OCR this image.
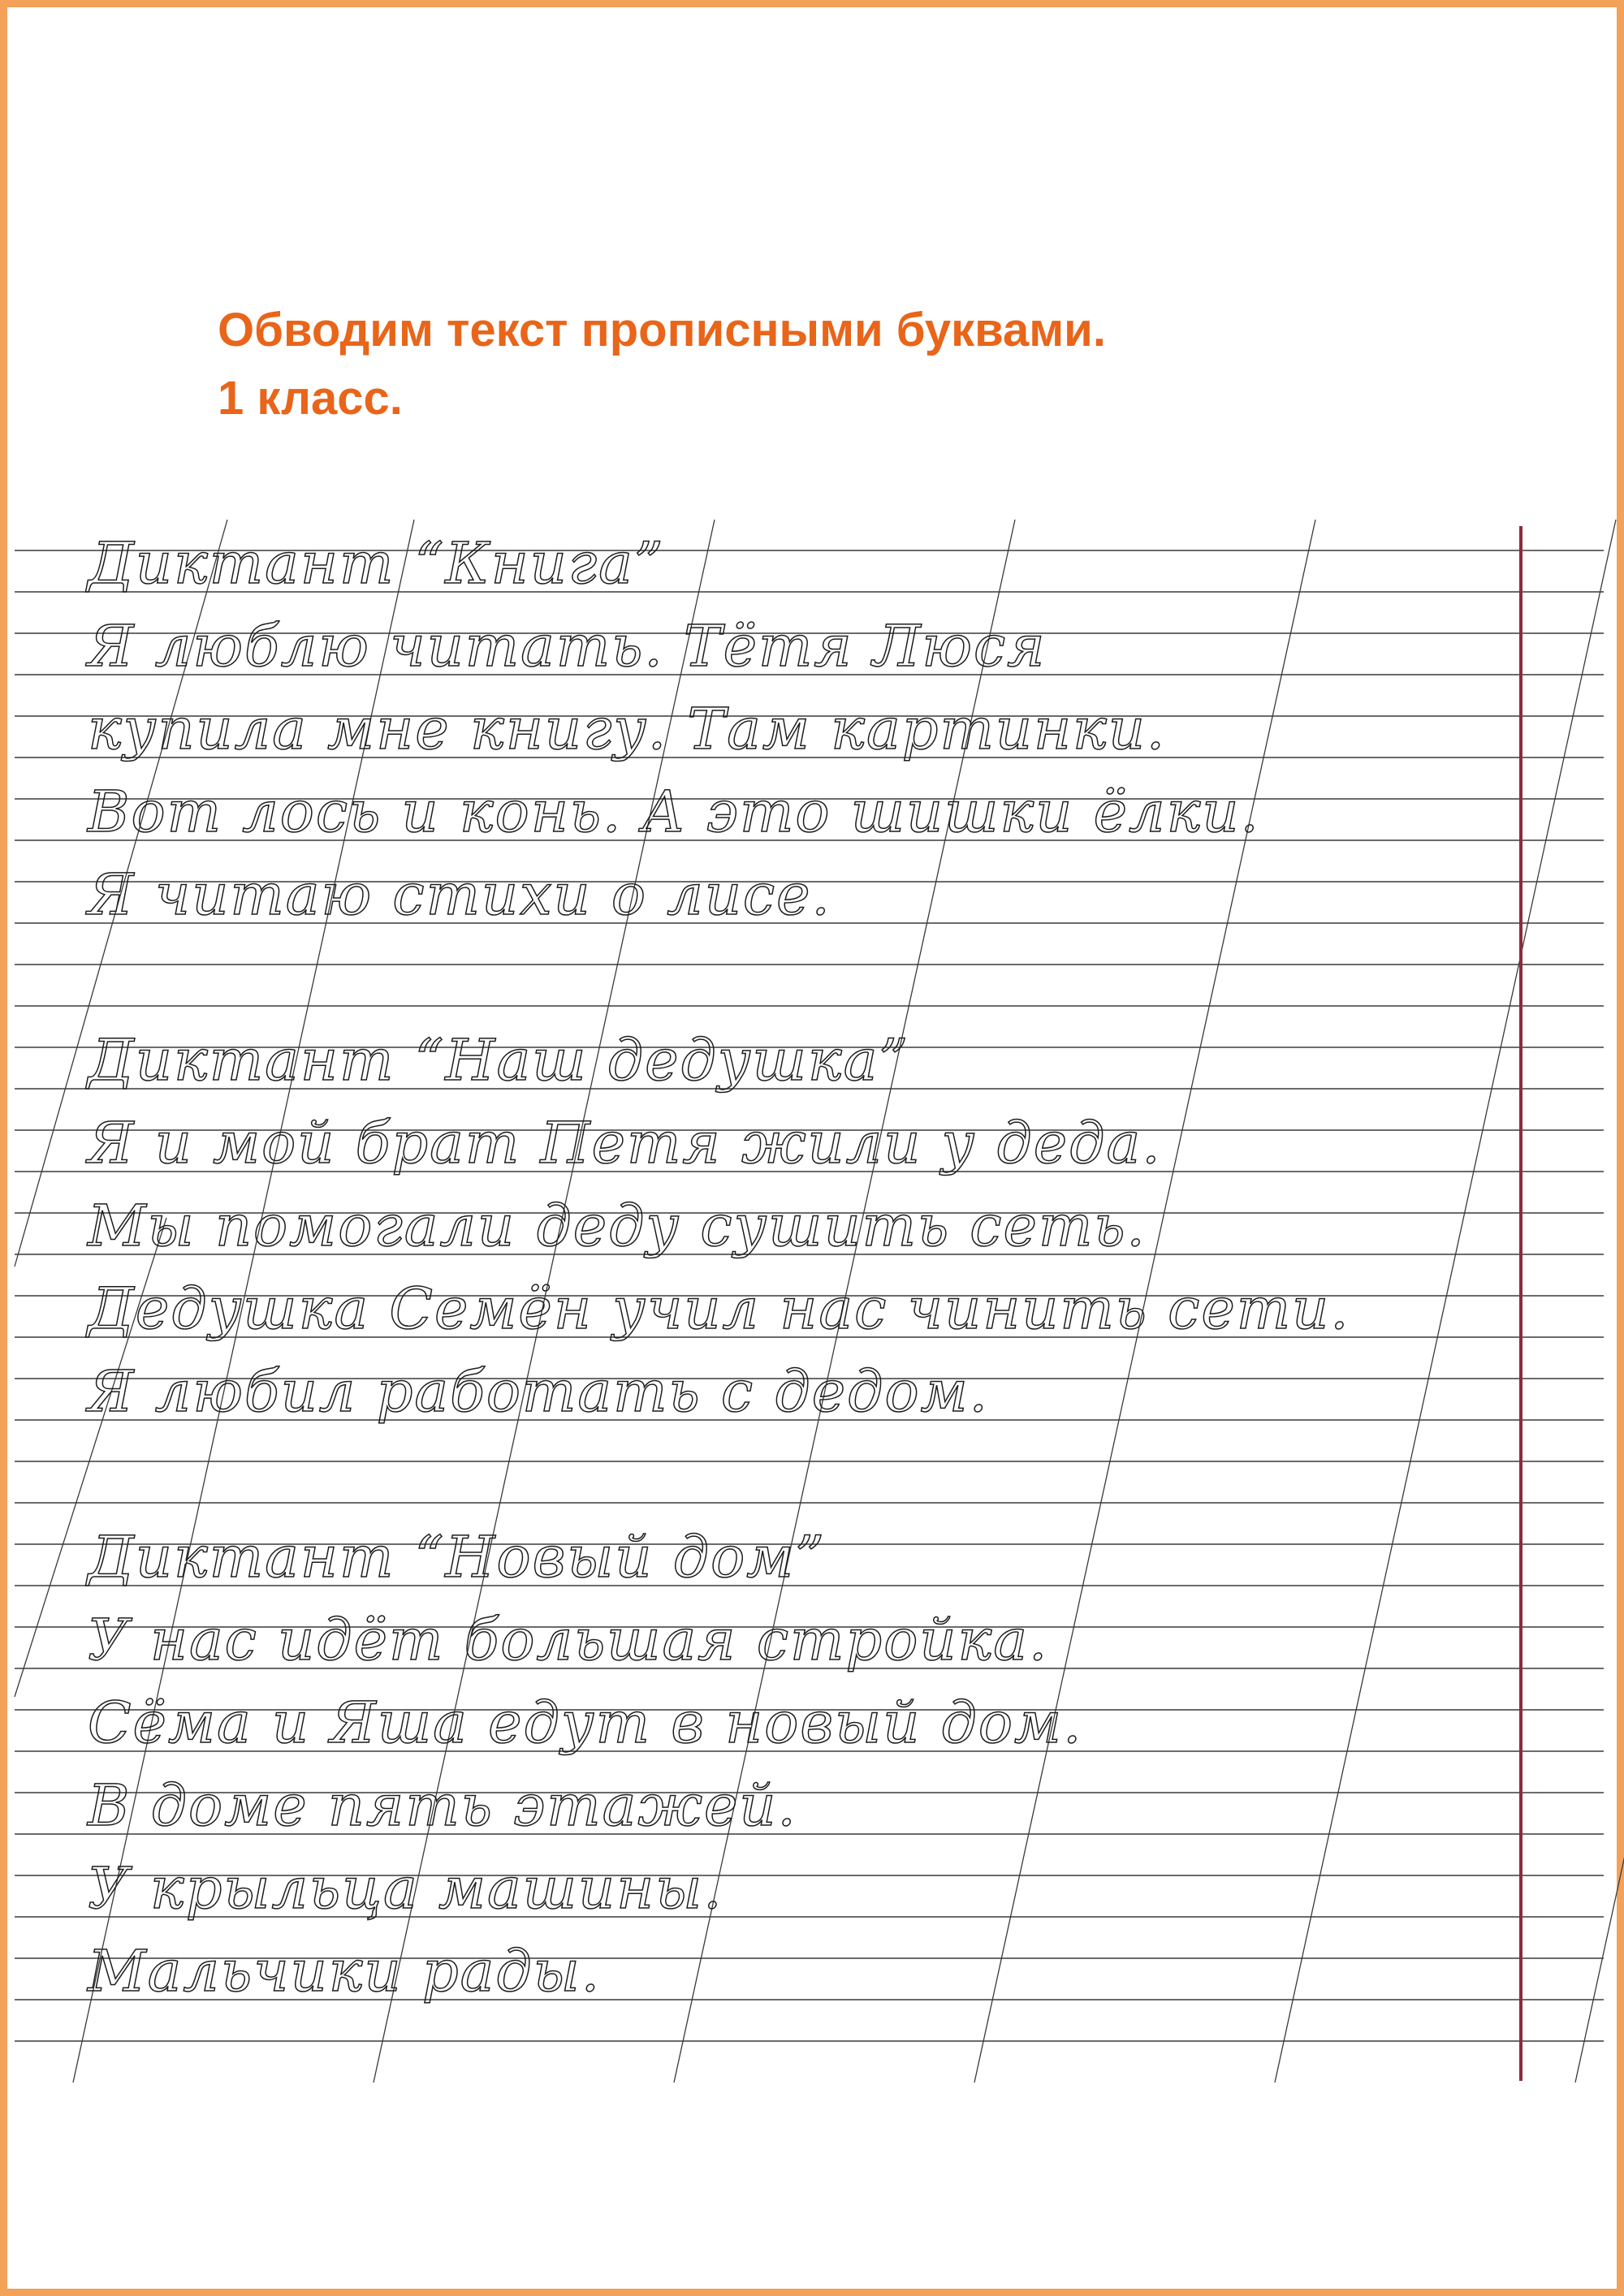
Обводим текст прописными буквами.
1 класс.
Диктант “Книга”
Я люблю читать. Тётя Люся
купила мне книгу. Там картинки.
Вот лось и конь. А это шишки ёлки.
Я читаю стихи о лисе.
Диктант “Наш дедушка”
Я и мой брат Петя жили у деда.
Мы помогали деду сушить сеть.
Дедушка Семён учил нас чинить сети.
Я любил работать с дедом.
Диктант “Новый дом”
У нас идёт большая стройка.
Сёма и Яша едут в новый дом.
В доме пять этажей.
У крыльца машины.
Мальчики рады.
